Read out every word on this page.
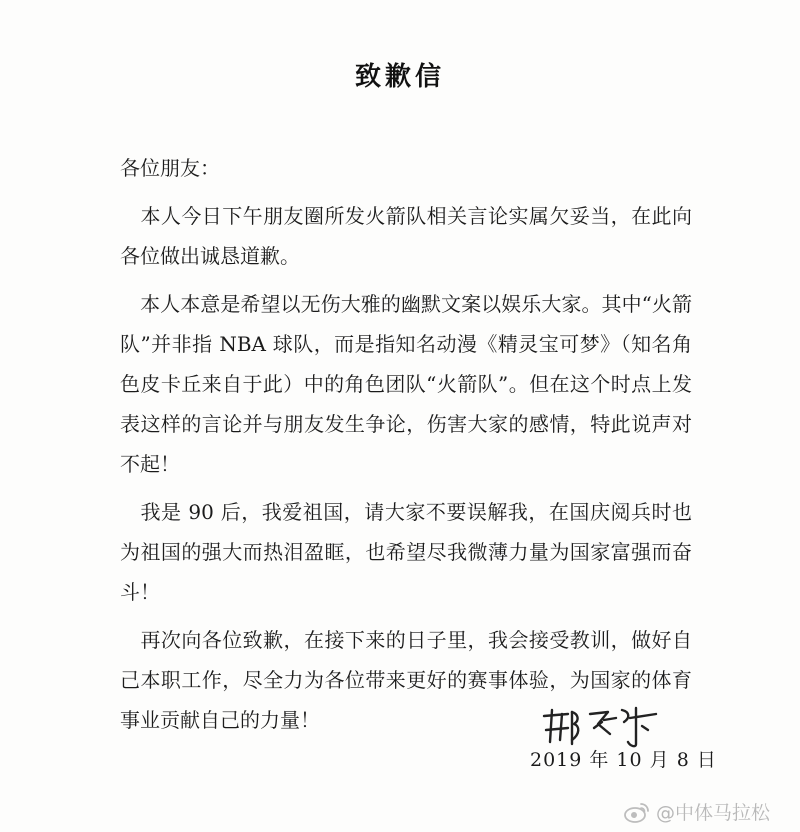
致歉信
各位朋友：
本人今日下午朋友圈所发火箭队相关言论实属欠妥当，在此向各位做出诚恳道歉。
本人本意是希望以无伤大雅的幽默文案以娱乐大家。其中“火箭队”并非指 NBA 球队，而是指知名动漫《精灵宝可梦》（知名角色皮卡丘来自于此）中的角色团队“火箭队”。但在这个时点上发表这样的言论并与朋友发生争论，伤害大家的感情，特此说声对不起！
我是 90 后，我爱祖国，请大家不要误解我，在国庆阅兵时也为祖国的强大而热泪盈眶，也希望尽我微薄力量为国家富强而奋斗！
再次向各位致歉，在接下来的日子里，我会接受教训，做好自己本职工作，尽全力为各位带来更好的赛事体验，为国家的体育事业贡献自己的力量！
2019 年 10 月 8 日
@中体马拉松
